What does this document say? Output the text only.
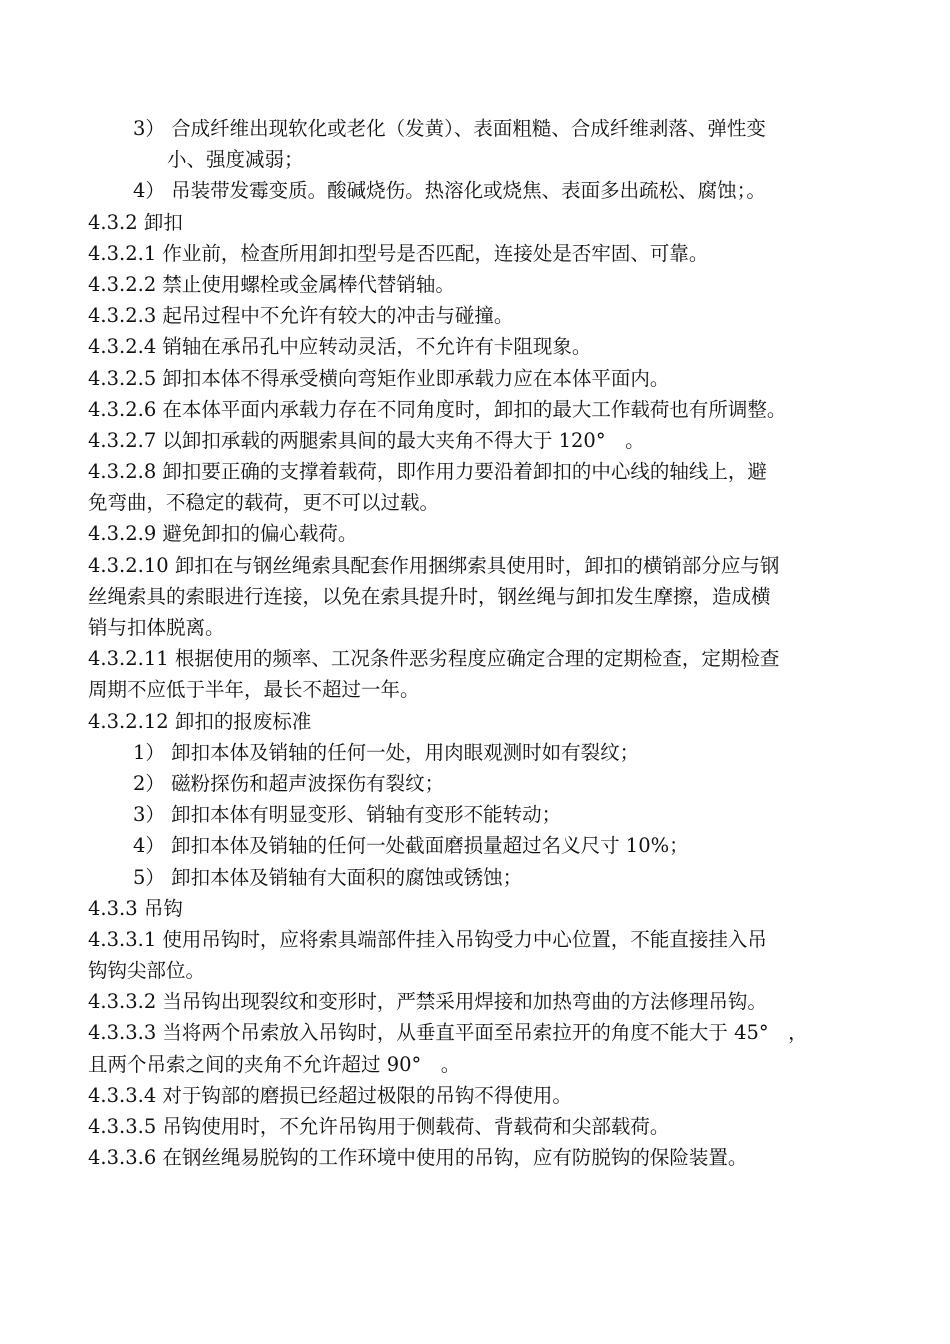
3） 合成纤维出现软化或老化（发黄）、表面粗糙、合成纤维剥落、弹性变
小、强度减弱；
4） 吊装带发霉变质。酸碱烧伤。热溶化或烧焦、表面多出疏松、腐蚀；。
4.3.2 卸扣
4.3.2.1 作业前，检查所用卸扣型号是否匹配，连接处是否牢固、可靠。
4.3.2.2 禁止使用螺栓或金属棒代替销轴。
4.3.2.3 起吊过程中不允许有较大的冲击与碰撞。
4.3.2.4 销轴在承吊孔中应转动灵活，不允许有卡阻现象。
4.3.2.5 卸扣本体不得承受横向弯矩作业即承载力应在本体平面内。
4.3.2.6 在本体平面内承载力存在不同角度时，卸扣的最大工作载荷也有所调整。
4.3.2.7 以卸扣承载的两腿索具间的最大夹角不得大于 120°　。
4.3.2.8 卸扣要正确的支撑着载荷，即作用力要沿着卸扣的中心线的轴线上，避
免弯曲，不稳定的载荷，更不可以过载。
4.3.2.9 避免卸扣的偏心载荷。
4.3.2.10 卸扣在与钢丝绳索具配套作用捆绑索具使用时，卸扣的横销部分应与钢
丝绳索具的索眼进行连接，以免在索具提升时，钢丝绳与卸扣发生摩擦，造成横
销与扣体脱离。
4.3.2.11 根据使用的频率、工况条件恶劣程度应确定合理的定期检查，定期检查
周期不应低于半年，最长不超过一年。
4.3.2.12 卸扣的报废标准
1） 卸扣本体及销轴的任何一处，用肉眼观测时如有裂纹；
2） 磁粉探伤和超声波探伤有裂纹；
3） 卸扣本体有明显变形、销轴有变形不能转动；
4） 卸扣本体及销轴的任何一处截面磨损量超过名义尺寸 10%；
5） 卸扣本体及销轴有大面积的腐蚀或锈蚀；
4.3.3 吊钩
4.3.3.1 使用吊钩时，应将索具端部件挂入吊钩受力中心位置，不能直接挂入吊
钩钩尖部位。
4.3.3.2 当吊钩出现裂纹和变形时，严禁采用焊接和加热弯曲的方法修理吊钩。
4.3.3.3 当将两个吊索放入吊钩时，从垂直平面至吊索拉开的角度不能大于 45°　，
且两个吊索之间的夹角不允许超过 90°　。
4.3.3.4 对于钩部的磨损已经超过极限的吊钩不得使用。
4.3.3.5 吊钩使用时，不允许吊钩用于侧载荷、背载荷和尖部载荷。
4.3.3.6 在钢丝绳易脱钩的工作环境中使用的吊钩，应有防脱钩的保险装置。
